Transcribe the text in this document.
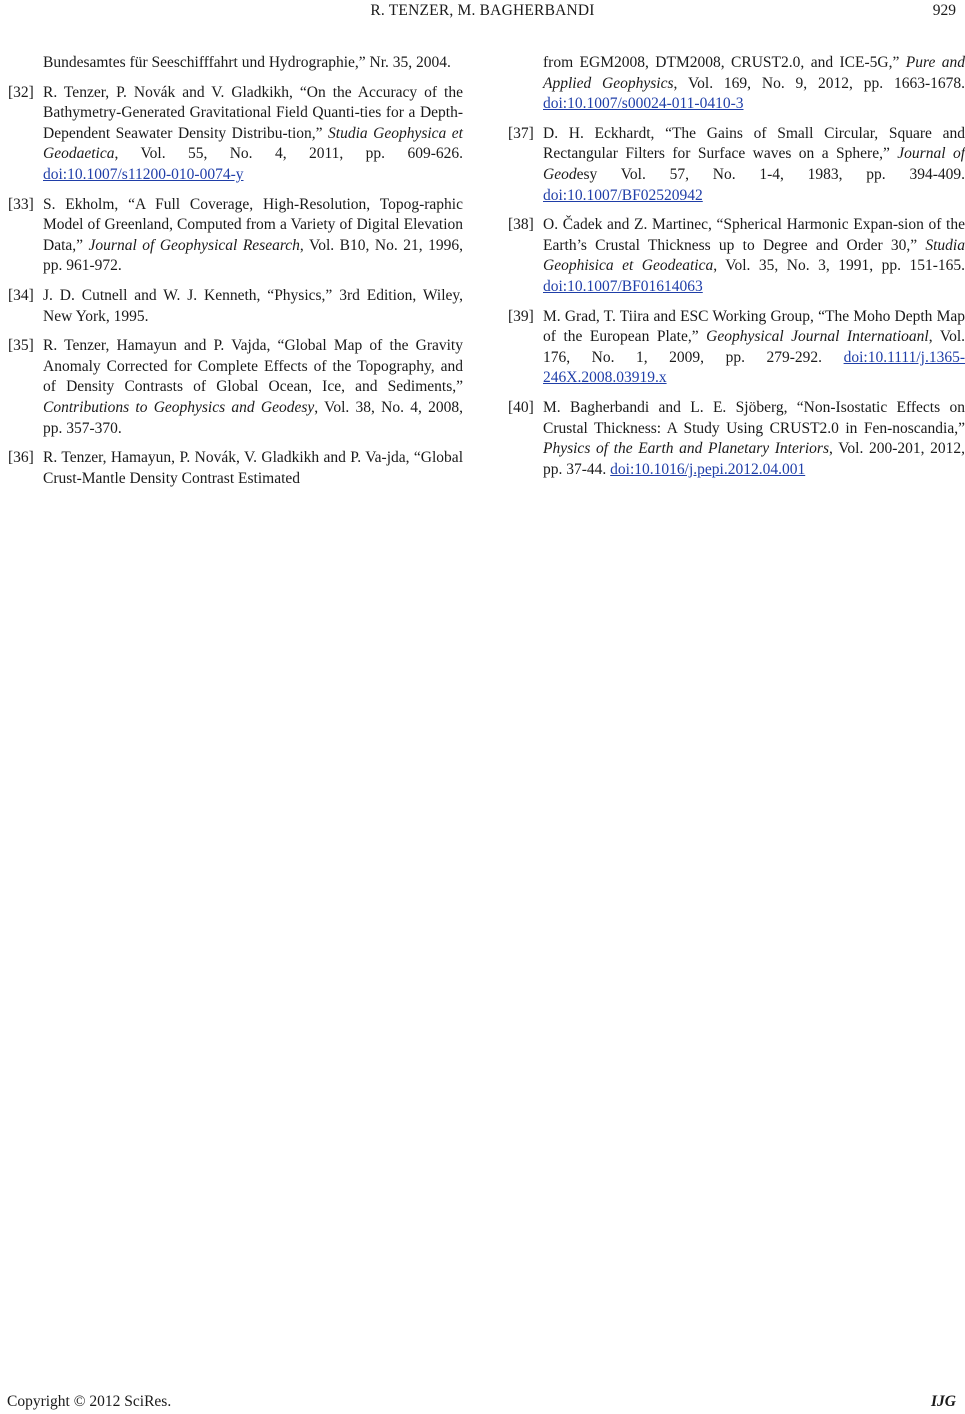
R. TENZER, M. BAGHERBANDI	929
Bundesamtes für Seeschifffahrt und Hydrographie,” Nr. 35, 2004.
[32] R. Tenzer, P. Novák and V. Gladkikh, “On the Accuracy of the Bathymetry-Generated Gravitational Field Quanti-ties for a Depth-Dependent Seawater Density Distribu-tion,” Studia Geophysica et Geodaetica, Vol. 55, No. 4, 2011, pp. 609-626. doi:10.1007/s11200-010-0074-y
[33] S. Ekholm, “A Full Coverage, High-Resolution, Topog-raphic Model of Greenland, Computed from a Variety of Digital Elevation Data,” Journal of Geophysical Research, Vol. B10, No. 21, 1996, pp. 961-972.
[34] J. D. Cutnell and W. J. Kenneth, “Physics,” 3rd Edition, Wiley, New York, 1995.
[35] R. Tenzer, Hamayun and P. Vajda, “Global Map of the Gravity Anomaly Corrected for Complete Effects of the Topography, and of Density Contrasts of Global Ocean, Ice, and Sediments,” Contributions to Geophysics and Geodesy, Vol. 38, No. 4, 2008, pp. 357-370.
[36] R. Tenzer, Hamayun, P. Novák, V. Gladkikh and P. Va-jda, “Global Crust-Mantle Density Contrast Estimated
from EGM2008, DTM2008, CRUST2.0, and ICE-5G,” Pure and Applied Geophysics, Vol. 169, No. 9, 2012, pp. 1663-1678. doi:10.1007/s00024-011-0410-3
[37] D. H. Eckhardt, “The Gains of Small Circular, Square and Rectangular Filters for Surface waves on a Sphere,” Journal of Geodesy Vol. 57, No. 1-4, 1983, pp. 394-409. doi:10.1007/BF02520942
[38] O. Čadek and Z. Martinec, “Spherical Harmonic Expan-sion of the Earth’s Crustal Thickness up to Degree and Order 30,” Studia Geophisica et Geodeatica, Vol. 35, No. 3, 1991, pp. 151-165. doi:10.1007/BF01614063
[39] M. Grad, T. Tiira and ESC Working Group, “The Moho Depth Map of the European Plate,” Geophysical Journal Internatioanl, Vol. 176, No. 1, 2009, pp. 279-292. doi:10.1111/j.1365-246X.2008.03919.x
[40] M. Bagherbandi and L. E. Sjöberg, “Non-Isostatic Effects on Crustal Thickness: A Study Using CRUST2.0 in Fen-noscandia,” Physics of the Earth and Planetary Interiors, Vol. 200-201, 2012, pp. 37-44. doi:10.1016/j.pepi.2012.04.001
Copyright © 2012 SciRes.	IJG
